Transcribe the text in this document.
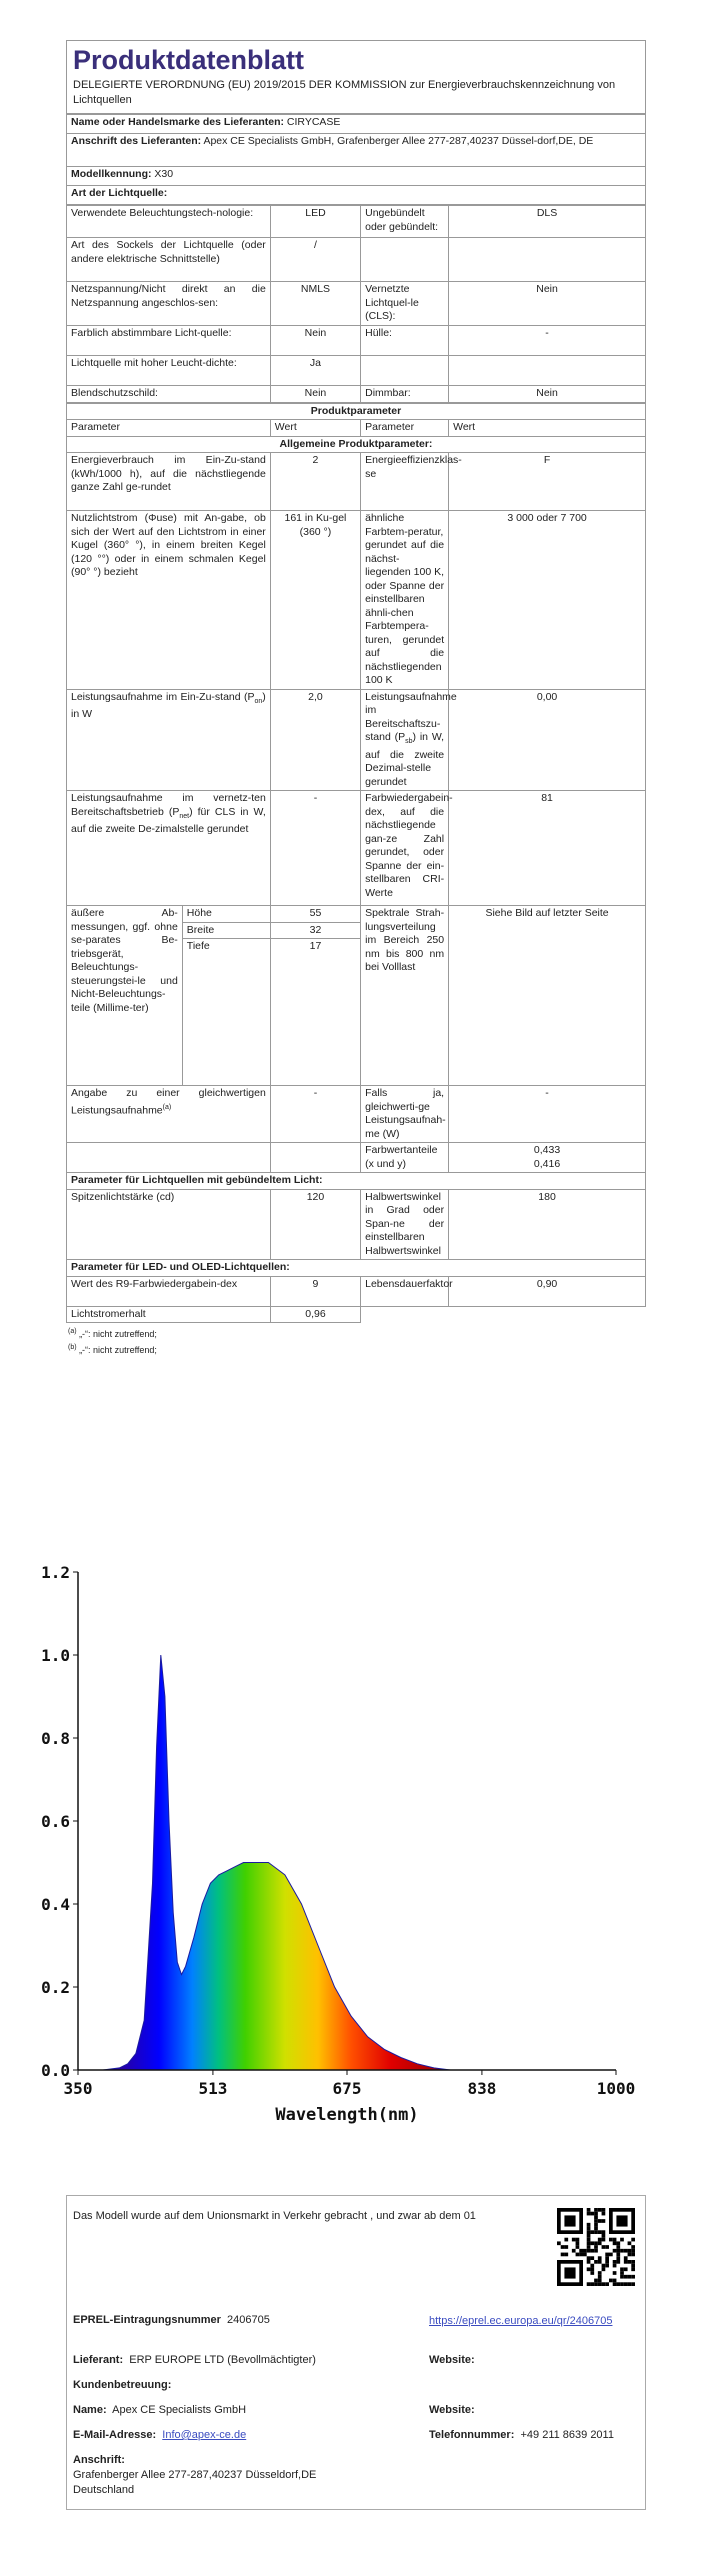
Produktdatenblatt
DELEGIERTE VERORDNUNG (EU) 2019/2015 DER KOMMISSION zur Energieverbrauchskennzeichnung von Lichtquellen
Name oder Handelsmarke des Lieferanten: CIRYCASE
Anschrift des Lieferanten: Apex CE Specialists GmbH, Grafenberger Allee 277-287,40237 Düssel-dorf,DE, DE
Modellkennung: X30
Art der Lichtquelle:
Verwendete Beleuchtungstech-nologie:	LED	Ungebündelt oder gebündelt:	DLS
Art des Sockels der Lichtquelle (oder andere elektrische Schnittstelle)	/		
Netzspannung/Nicht direkt an die Netzspannung angeschlos-sen:	NMLS	Vernetzte Lichtquel-le (CLS):	Nein
Farblich abstimmbare Licht-quelle:	Nein	Hülle:	-
Lichtquelle mit hoher Leucht-dichte:	Ja		
Blendschutzschild:	Nein	Dimmbar:	Nein
Produktparameter				
Parameter		Wert	Parameter	Wert
Allgemeine Produktparameter:				
Energieverbrauch im Ein-Zu-stand (kWh/1000 h), auf die nächstliegende ganze Zahl ge-rundet		2	Energieeffizienzklas-se	F
Nutzlichtstrom (Φuse) mit An-gabe, ob sich der Wert auf den Lichtstrom in einer Kugel (360° °), in einem breiten Kegel (120 °°) oder in einem schmalen Kegel (90° °) bezieht		161 in Ku-gel (360 °)	ähnliche Farbtem-peratur, gerundet auf die nächst-liegenden 100 K, oder Spanne der einstellbaren ähnli-chen Farbtempera-turen, gerundet auf die nächstliegenden 100 K	3 000 oder 7 700
Leistungsaufnahme im Ein-Zu-stand $(P_{on})$ in W		2,0	Leistungsaufnahme im Bereitschaftszu-stand $(P_{sb})$ in W, auf die zweite Dezimal-stelle gerundet	0,00
Leistungsaufnahme im vernetz-ten Bereitschaftsbetrieb $(P_{net})$ für CLS in W, auf die zweite De-zimalstelle gerundet		-	Farbwiedergabein-dex, auf die nächstliegende gan-ze Zahl gerundet, oder Spanne der ein-stellbaren CRI-Werte	81
äußere Ab-messungen, ggf. ohne se-parates Be-triebsgerät, Beleuchtungs-steuerungstei-le und Nicht-Beleuchtungs-teile (Millime-ter)	Höhe	55	Spektrale Strah-lungsverteilung im Bereich 250 nm bis 800 nm bei Volllast	Siehe Bild auf letzter Seite
	Breite	32		
	Tiefe	17		
Angabe zu einer gleichwertigen Leistungsaufnahme$^{(a)}$		-	Falls ja, gleichwerti-ge Leistungsaufnah-me (W)	-
			Farbwertanteile (x und y)	0,433
0,416
Parameter für Lichtquellen mit gebündeltem Licht:				
Spitzenlichtstärke (cd)		120	Halbwertswinkel in Grad oder Span-ne der einstellbaren Halbwertswinkel	180
Parameter für LED- und OLED-Lichtquellen:				
Wert des R9-Farbwiedergabein-dex		9	Lebensdauerfaktor	0,90
Lichtstromerhalt		0,96		
$^{(a)}$ „-“: nicht zutreffend;
$^{(b)}$ „-“: nicht zutreffend;
0.0
0.2
0.4
0.6
0.8
1.0
1.2
350	513	675	838	1000
Wavelength(nm)
Das Modell wurde auf dem Unionsmarkt in Verkehr gebracht , und zwar ab dem 01
EPREL-Eintragungsnummer 2406705	https://eprel.ec.europa.eu/qr/2406705
Lieferant: ERP EUROPE LTD (Bevollmächtigter)	Website:
Kundenbetreuung:
Name: Apex CE Specialists GmbH	Website:
E-Mail-Adresse: Info@apex-ce.de	Telefonnummer: +49 211 8639 2011
Anschrift:
Grafenberger Allee 277-287,40237 Düsseldorf,DE
Deutschland
